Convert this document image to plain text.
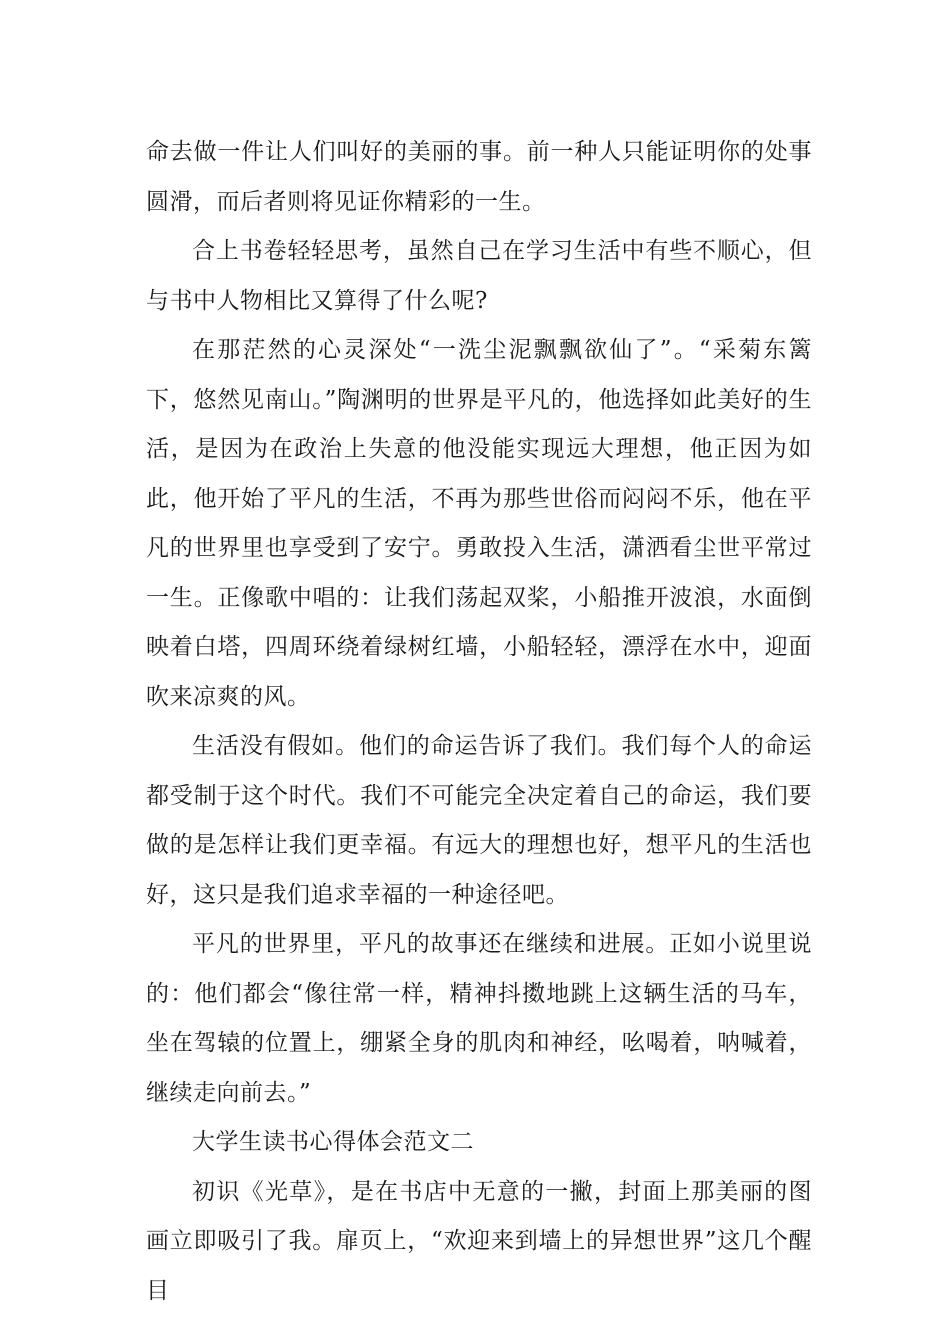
命去做一件让人们叫好的美丽的事。前一种人只能证明你的处事圆滑，而后者则将见证你精彩的一生。

合上书卷轻轻思考，虽然自己在学习生活中有些不顺心，但与书中人物相比又算得了什么呢?

在那茫然的心灵深处“一洗尘泥飘飘欲仙了”。“采菊东篱下，悠然见南山。”陶渊明的世界是平凡的，他选择如此美好的生活，是因为在政治上失意的他没能实现远大理想，他正因为如此，他开始了平凡的生活，不再为那些世俗而闷闷不乐，他在平凡的世界里也享受到了安宁。勇敢投入生活，潇洒看尘世平常过一生。正像歌中唱的：让我们荡起双桨，小船推开波浪，水面倒映着白塔，四周环绕着绿树红墙，小船轻轻，漂浮在水中，迎面吹来凉爽的风。

生活没有假如。他们的命运告诉了我们。我们每个人的命运都受制于这个时代。我们不可能完全决定着自己的命运，我们要做的是怎样让我们更幸福。有远大的理想也好，想平凡的生活也好，这只是我们追求幸福的一种途径吧。

平凡的世界里，平凡的故事还在继续和进展。正如小说里说的：他们都会“像往常一样，精神抖擞地跳上这辆生活的马车，坐在驾辕的位置上，绷紧全身的肌肉和神经，吆喝着，呐喊着，继续走向前去。”

大学生读书心得体会范文二

初识《光草》，是在书店中无意的一撇，封面上那美丽的图画立即吸引了我。扉页上，“欢迎来到墙上的异想世界”这几个醒目
